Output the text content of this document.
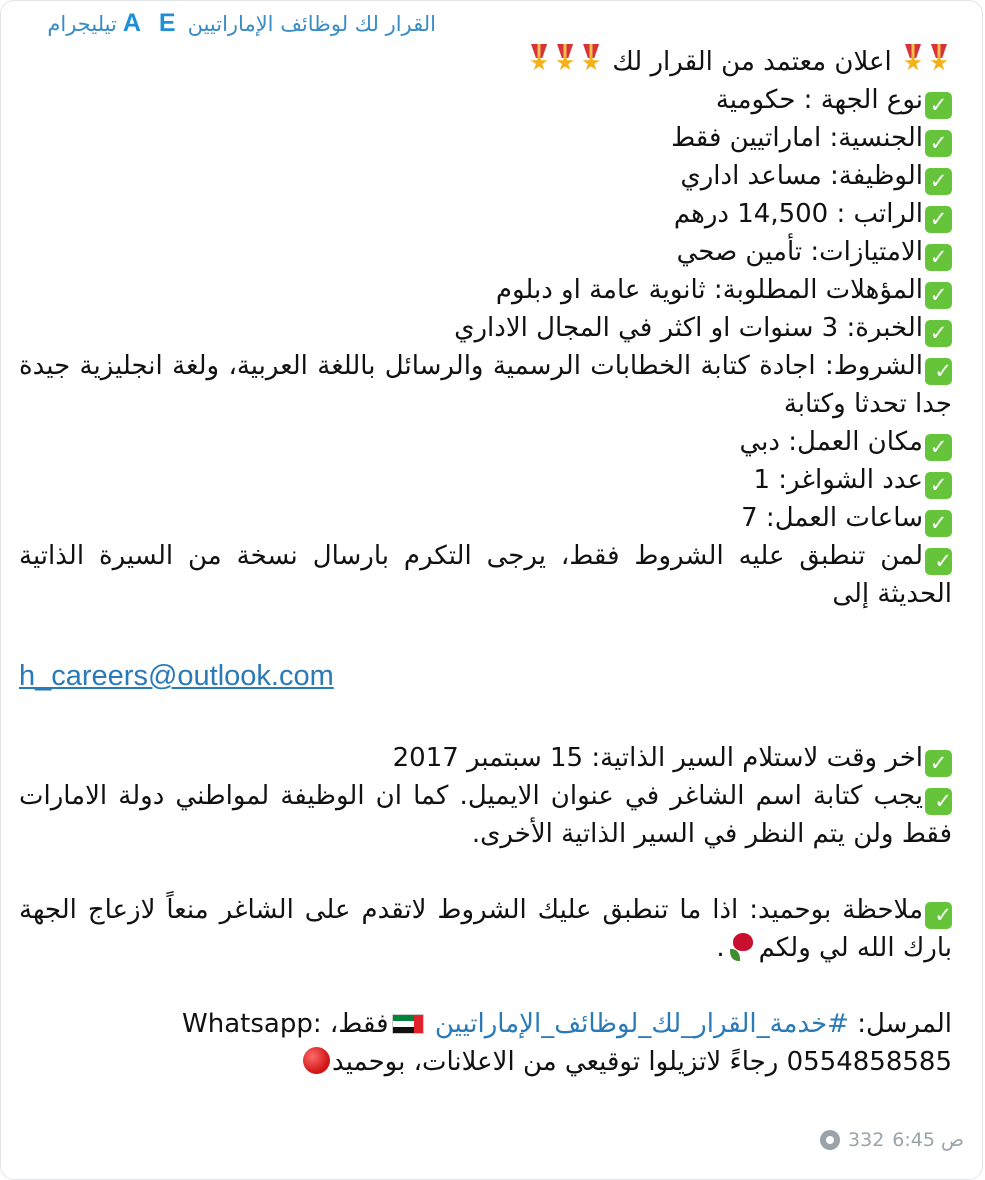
القرار لك لوظائف الإماراتيين
A E
تيليجرام
★
★
اعلان معتمد من القرار لك
★
★
★
✓نوع الجهة : حكومية
✓الجنسية: اماراتيين فقط
✓الوظيفة: مساعد اداري
✓الراتب : 14,500 درهم
✓الامتيازات: تأمين صحي
✓المؤهلات المطلوبة: ثانوية عامة او دبلوم
✓الخبرة: 3 سنوات او اكثر في المجال الاداري
✓الشروط: اجادة كتابة الخطابات الرسمية والرسائل باللغة العربية، ولغة انجليزية جيدة جدا تحدثا وكتابة
✓مكان العمل: دبي
✓عدد الشواغر: 1
✓ساعات العمل: 7
✓لمن تنطبق عليه الشروط فقط، يرجى التكرم بارسال نسخة من السيرة الذاتية الحديثة إلى
h_careers@outlook.com
✓اخر وقت لاستلام السير الذاتية: 15 سبتمبر 2017
✓يجب كتابة اسم الشاغر في عنوان الايميل. كما ان الوظيفة لمواطني دولة الامارات فقط ولن يتم النظر في السير الذاتية الأخرى.
✓ملاحظة بوحميد: اذا ما تنطبق عليك الشروط لاتقدم على الشاغر منعاً لازعاج الجهة بارك الله لي ولكم
.
المرسل: #خدمة_القرار_لك_لوظائف_الإماراتيين فقط، :Whatsapp
0554858585 رجاءً لاتزيلوا توقيعي من الاعلانات، بوحميد
332 6:45 ص
